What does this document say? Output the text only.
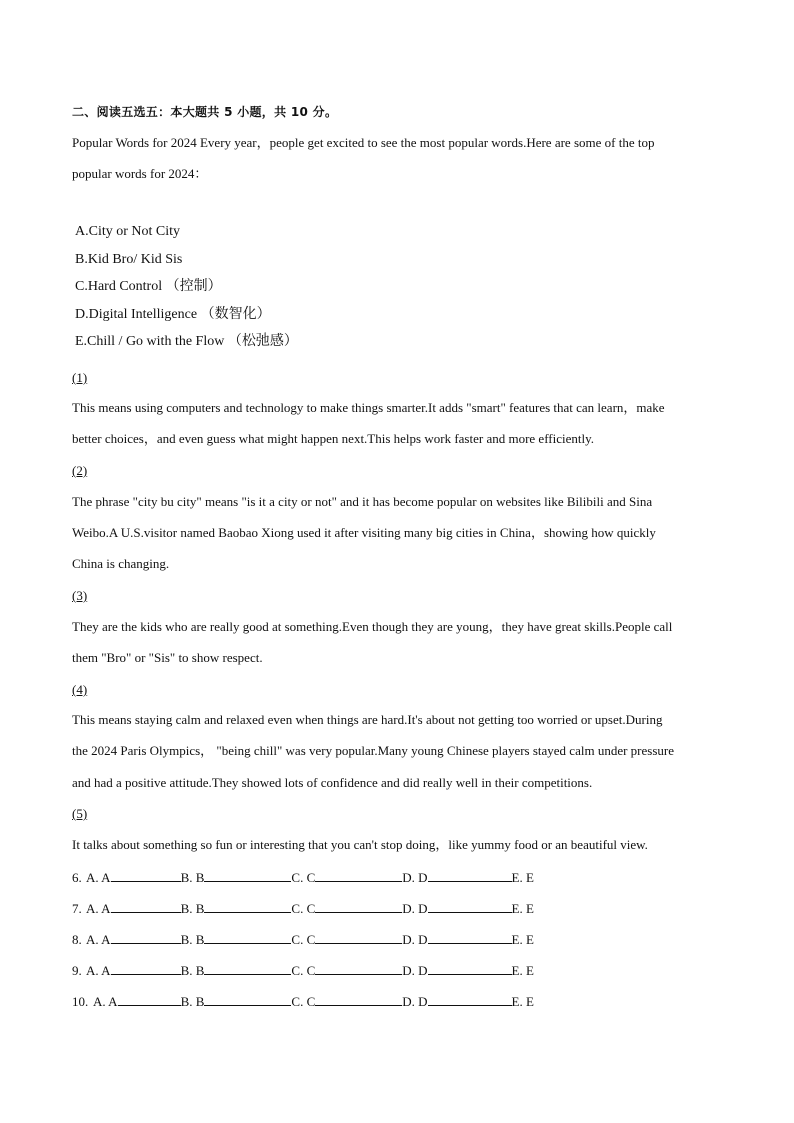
二、阅读五选五：本大题共 5 小题，共 10 分。
Popular Words for 2024 Every year，people get excited to see the most popular words.Here are some of the top
popular words for 2024：
A.City or Not City
B.Kid Bro/ Kid Sis
C.Hard Control （控制）
D.Digital Intelligence （数智化）
E.Chill / Go with the Flow （松弛感）
(1)
This means using computers and technology to make things smarter.It adds "smart" features that can learn，make
better choices，and even guess what might happen next.This helps work faster and more efficiently.
(2)
The phrase "city bu city" means "is it a city or not" and it has become popular on websites like Bilibili and Sina
Weibo.A U.S.visitor named Baobao Xiong used it after visiting many big cities in China，showing how quickly
China is changing.
(3)
They are the kids who are really good at something.Even though they are young，they have great skills.People call
them "Bro" or "Sis" to show respect.
(4)
This means staying calm and relaxed even when things are hard.It's about not getting too worried or upset.During
the 2024 Paris Olympics， "being chill" was very popular.Many young Chinese players stayed calm under pressure
and had a positive attitude.They showed lots of confidence and did really well in their competitions.
(5)
It talks about something so fun or interesting that you can't stop doing，like yummy food or an beautiful view.
6. A. A	B. B	C. C	D. D	E. E
7. A. A	B. B	C. C	D. D	E. E
8. A. A	B. B	C. C	D. D	E. E
9. A. A	B. B	C. C	D. D	E. E
10. A. A	B. B	C. C	D. D	E. E
